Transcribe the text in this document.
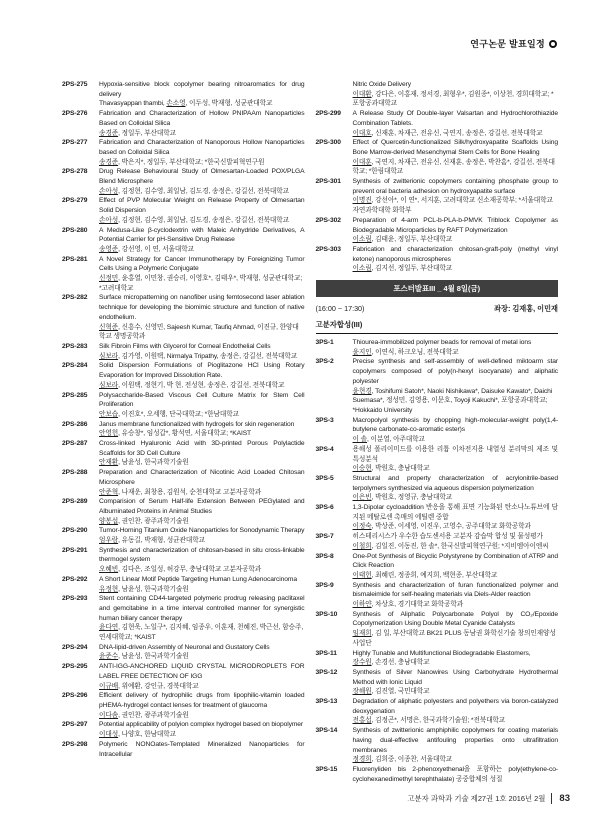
연구논문 발표일정
2PS-275	Hypoxia-sensitive block copolymer bearing nitroaromatics for drug delivery
Thavasyappan thambi, 손소영, 이두성, 박재형, 성균관대학교
2PS-276	Fabrication and Characterization of Hollow PNIPAAm Nanoparticles Based on Colloidal Silica
송경준, 정일두, 부산대학교
2PS-277	Fabrication and Characterization of Nanoporous Hollow Nanoparticles based on Colloidal Silica
송경준, 박은지*, 정일두, 부산대학교; *한국신발피혁연구원
2PS-278	Drug Release Behavioural Study of Olmesartan-Loaded POX/PLGA Blend Microsphere
손아성, 김정현, 김수영, 최일남, 김도경, 송정은, 강길선, 전북대학교
2PS-279	Effect of PVP Molecular Weight on Release Property of Olmesartan Solid Dispersion
손아성, 김정현, 김수영, 최일남, 김도경, 송정은, 강길선, 전북대학교
2PS-280	A Medusa-Like β-cyclodextrin with Maleic Anhydride Derivatives, A Potential Carrier for pH-Sensitive Drug Release
송영준, 강선영, 이 연, 서울대학교
2PS-281	A Novel Strategy for Cancer Immunotherapy by Foreignizing Tumor Cells Using a Polymeric Conjugate
신정민, 윤홍열, 이민창, 권승리, 이영호*, 김태우*, 박재형, 성균관대학교; *고려대학교
2PS-282	Surface micropatterning on nanofiber using femtosecond laser ablation technique for developing the biomimic structure and function of native endothelium.
신혁준, 신흥수, 신영민, Sajeesh Kumar, Taufiq Ahmad, 이진규, 한양대학교 생명공학과
2PS-283	Silk Fibroin Films with Glycerol for Corneal Endothelial Cells
심보라, 김가영, 이원택, Nirmalya Tripathy, 송정은, 강길선, 전북대학교
2PS-284	Solid Dispersion Formulations of Pioglitazone HCl Using Rotary Evaporation for Improved Dissolution Rate.
심보라, 이원택, 정현기, 박 현, 전성현, 송정은, 강길선, 전북대학교
2PS-285	Polysaccharide-Based Viscous Cell Culture Matrix for Stem Cell Proliferation
안보습, 이진호*, 오세행, 단국대학교; *한남대학교
2PS-286	Janus membrane functionalized with hydrogels for skin regeneration
안영헌, 유승창*, 임성갑*, 황석연, 서울대학교; *KAIST
2PS-287	Cross-linked Hyaluronic Acid with 3D-printed Porous Polylactide Scaffolds for 3D Cell Culture
안재환, 남윤성, 한국과학기술원
2PS-288	Preparation and Characterization of Nicotinic Acid Loaded Chitosan Microsphere
안준혁, 나재운, 최창용, 김원석, 순천대학교 고분자공학과
2PS-289	Comparision of Serum Half-life Extension Between PEGylated and Albuminated Proteins in Animal Studies
양봉섭, 권인찬, 광주과학기술원
2PS-290	Tumor-Homing Titanium Oxide Nanoparticles for Sonodynamic Therapy
엄우람, 유동길, 박재형, 성균관대학교
2PS-291	Synthesis and characterization of chitosan-based in situ cross-linkable thermogel system
오혜빈, 김다은, 조일성, 허강무, 충남대학교 고분자공학과
2PS-292	A Short Linear Motif Peptide Targeting Human Lung Adenocarcinoma
유정현, 남윤성, 한국과학기술원
2PS-293	Stent containing CD44-targeted polymeric prodrug releasing paclitaxel and gemcitabine in a time interval controlled manner for synergistic human biliary cancer therapy
윤다연, 김현욱, 노일구*, 김지혜, 임종우, 이훈재, 천혜진, 박근선, 함승주, 연세대학교; *KAIST
2PS-294	DNA-lipid-driven Assembly of Neuronal and Gustatory Cells
윤준수, 남윤성, 한국과학기술원
2PS-295	ANTI-IGG-ANCHORED LIQUID CRYSTAL MICRODROPLETS FOR LABEL FREE DETECTION OF IGG
이규배, 위예환, 강인규, 경북대학교
2PS-296	Efficient delivery of hydrophilic drugs from lipophilic-vitamin loaded pHEMA-hydrogel contact lenses for treatment of glaucoma
이다솜, 권인찬, 광주과학기술원
2PS-297	Potential applicability of polyion complex hydrogel based on biopolymer
이대성, 나양호, 한남대학교
2PS-298	Polymeric NONOates-Templated Mineralized Nanoparticles for Intracellular
Nitric Oxide Delivery
이대환, 강다은, 이홍재, 정서경, 최형우*, 김원종*, 이상천, 경희대학교; *포항공과대학교
2PS-299	A Release Study Of Double-layer Valsartan and Hydrochlorothiazide Combination Tablets.
이대호, 신재훈, 차재근, 전유신, 국연지, 송정은, 강길선, 전북대학교
2PS-300	Effect of Quercetin-functionalized Silk/hydroxyapatite Scaffolds Using Bone Marrow-derived Mesenchymal Stem Cells for Bone Healing
이대훈, 국연지, 차재근, 전유신, 신재훈, 송정은, 박찬흠*, 강길선, 전북대학교; *한림대학교
2PS-301	Synthesis of zwitterionic copolymers containing phosphate group to prevent oral bacteria adhesion on hydroxyapatite surface
이명진, 강선아*, 이 연*, 서지훈, 고려대학교 신소재공학부; *서울대학교 자연과학대학 화학부
2PS-302	Preparation of 4-arm PCL-b-PLA-b-PMVK Triblock Copolymer as Biodegradable Microparticles by RAFT Polymerization
이소림, 김태윤, 정일두, 부산대학교
2PS-303	Fabrication and characterization chitosan-graft-poly (methyl vinyl ketone) nanoporous microspheres
이소림, 김지선, 정일두, 부산대학교
포스터발표III _ 4월 8일(금)
(16:00 ~ 17:30)	좌장: 김재홍, 이민재
고분자합성(III)
3PS-1	Thiourea-immobilized polymer beads for removal of metal ions
윤지인, 이연식, 하크오님, 전북대학교
3PS-2	Precise synthesis and self-assembly of well-defined miktoarm star copolymers composed of poly(n-hexyl isocyanate) and aliphatic polyester
윤현경, Toshifumi Satoh*, Naoki Nishikawa*, Daisuke Kawato*, Daichi Suemasa*, 정성민, 김영용, 이문호, Toyoji Kakuchi*, 포항공과대학교; *Hokkaido University
3PS-3	Macropolyol synthesis by chopping high-molecular-weight poly(1,4-butylene carbonate-co-aromatic ester)s
이 솔, 이분열, 아주대학교
3PS-4	용해성 폴리이미드를 이용한 리튬 이차전지용 내열성 분리막의 제조 및 특성분석
이승현, 박원호, 충남대학교
3PS-5	Structural and property characterization of acrylonitrile-based terpolymers synthesized via aqueous dispersion polymerization
이은빈, 박원호, 정영규, 충남대학교
3PS-6	1,3-Dipolar cycloaddition 반응을 통해 표면 기능화된 탄소나노튜브에 담지된 메탈로센 촉매의 에틸렌 중합
이정숙, 박상준, 이세영, 이진우, 고영수, 공주대학교 화학공학과
3PS-7	히스테리시스가 우수한 습도센서용 고분자 감습막 합성 및 물성평가
이철희, 김일진, 이동진, 한 솔*, 한국신발피혁연구원; *지비엠아이엔씨
3PS-8	One-Pot Synthesis of Bicyclic Polystyrene by Combination of ATRP and Click Reaction
이태헌, 최혜린, 정종희, 예지희, 백현종, 부산대학교
3PS-9	Synthesis and characterization of furan functionalized polymer and bismaleimide for self-healing materials via Diels-Alder reaction
이하얀, 차상호, 경기대학교 화학공학과
3PS-10	Synthesis of Aliphatic Polycarbonate Polyol by CO₂/Epoxide Copolymerization Using Double Metal Cyanide Catalysts
임재희, 김 일, 부산대학교 BK21 PLUS 동남권 화학신기술 창의인재양성 사업단
3PS-11	Highly Tunable and Multifunctional Biodegradable Elastomers,
장수원, 손경선, 충남대학교
3PS-12	Synthesis of Silver Nanowires Using Carbohydrate Hydrothermal Method with Ionic Liquid
장해원, 김진열, 국민대학교
3PS-13	Degradation of aliphatic polyesters and polyethers via boron-catalyzed deoxygenation
전홍섭, 김정곤*, 서명은, 한국과학기술원; *전북대학교
3PS-14	Synthesis of zwitterionic amphiphilic copolymers for coating materials having dual-effective antifouling properties onto ultrafiltration membranes
정경희, 김희중, 이종찬, 서울대학교
3PS-15	Fluorenyliden bis 2-phenoxyethenal을 포함하는 poly(ethylene-co-cyclohexanedimethyl terephthalate) 공중합체의 성질
고분자 과학과 기술 제27권 1호 2016년 2월	83
